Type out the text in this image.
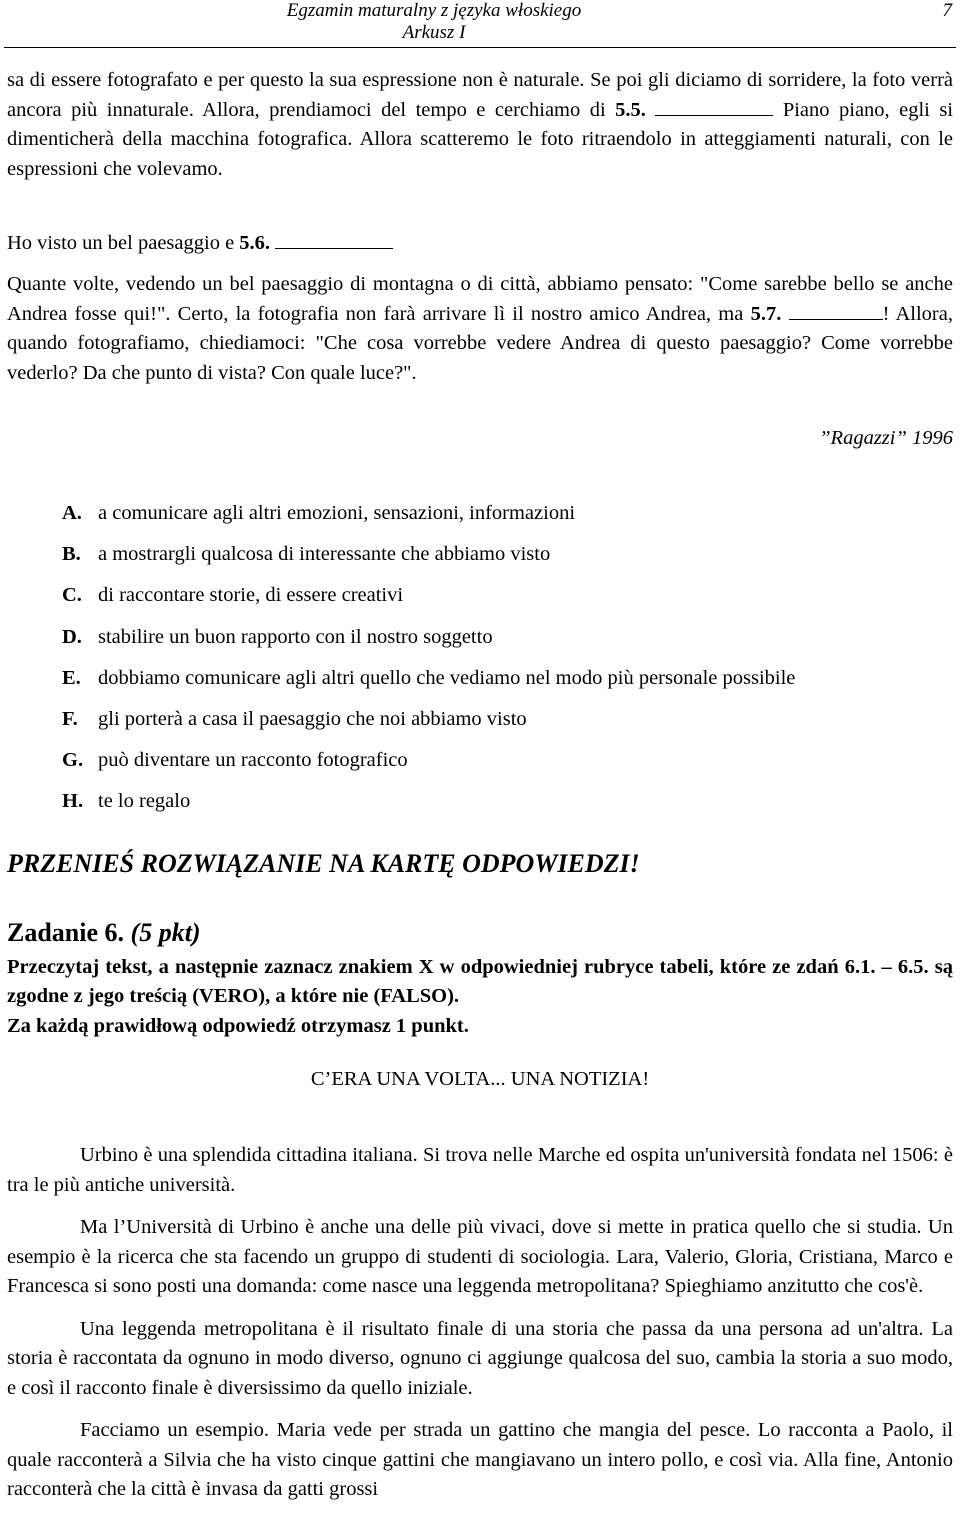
Egzamin maturalny z języka włoskiego
Arkusz I
7

sa di essere fotografato e per questo la sua espressione non è naturale. Se poi gli diciamo di sorridere, la foto verrà ancora più innaturale. Allora, prendiamoci del tempo e cerchiamo di 5.5.	Piano piano, egli si dimenticherà della macchina fotografica. Allora scatteremo le foto ritraendolo in atteggiamenti naturali, con le espressioni che volevamo.

Ho visto un bel paesaggio e 5.6.

Quante volte, vedendo un bel paesaggio di montagna o di città, abbiamo pensato: "Come sarebbe bello se anche Andrea fosse qui!". Certo, la fotografia non farà arrivare lì il nostro amico Andrea, ma 5.7.	! Allora, quando fotografiamo, chiediamoci: "Che cosa vorrebbe vedere Andrea di questo paesaggio? Come vorrebbe vederlo? Da che punto di vista? Con quale luce?".

”Ragazzi” 1996
A. a comunicare agli altri emozioni, sensazioni, informazioni
B. a mostrargli qualcosa di interessante che abbiamo visto
C. di raccontare storie, di essere creativi
D. stabilire un buon rapporto con il nostro soggetto
E. dobbiamo comunicare agli altri quello che vediamo nel modo più personale possibile
F. gli porterà a casa il paesaggio che noi abbiamo visto
G. può diventare un racconto fotografico
H. te lo regalo
PRZENIEŚ ROZWIĄZANIE NA KARTĘ ODPOWIEDZI!
Zadanie 6. (5 pkt)
Przeczytaj tekst, a następnie zaznacz znakiem X w odpowiedniej rubryce tabeli, które ze zdań 6.1. – 6.5. są zgodne z jego treścią (VERO), a które nie (FALSO).
Za każdą prawidłową odpowiedź otrzymasz 1 punkt.
C’ERA UNA VOLTA... UNA NOTIZIA!

Urbino è una splendida cittadina italiana. Si trova nelle Marche ed ospita un'università fondata nel 1506: è tra le più antiche università.

Ma l’Università di Urbino è anche una delle più vivaci, dove si mette in pratica quello che si studia. Un esempio è la ricerca che sta facendo un gruppo di studenti di sociologia. Lara, Valerio, Gloria, Cristiana, Marco e Francesca si sono posti una domanda: come nasce una leggenda metropolitana? Spieghiamo anzitutto che cos'è.

Una leggenda metropolitana è il risultato finale di una storia che passa da una persona ad un'altra. La storia è raccontata da ognuno in modo diverso, ognuno ci aggiunge qualcosa del suo, cambia la storia a suo modo, e così il racconto finale è diversissimo da quello iniziale.

Facciamo un esempio. Maria vede per strada un gattino che mangia del pesce. Lo racconta a Paolo, il quale racconterà a Silvia che ha visto cinque gattini che mangiavano un intero pollo, e così via. Alla fine, Antonio racconterà che la città è invasa da gatti grossi
